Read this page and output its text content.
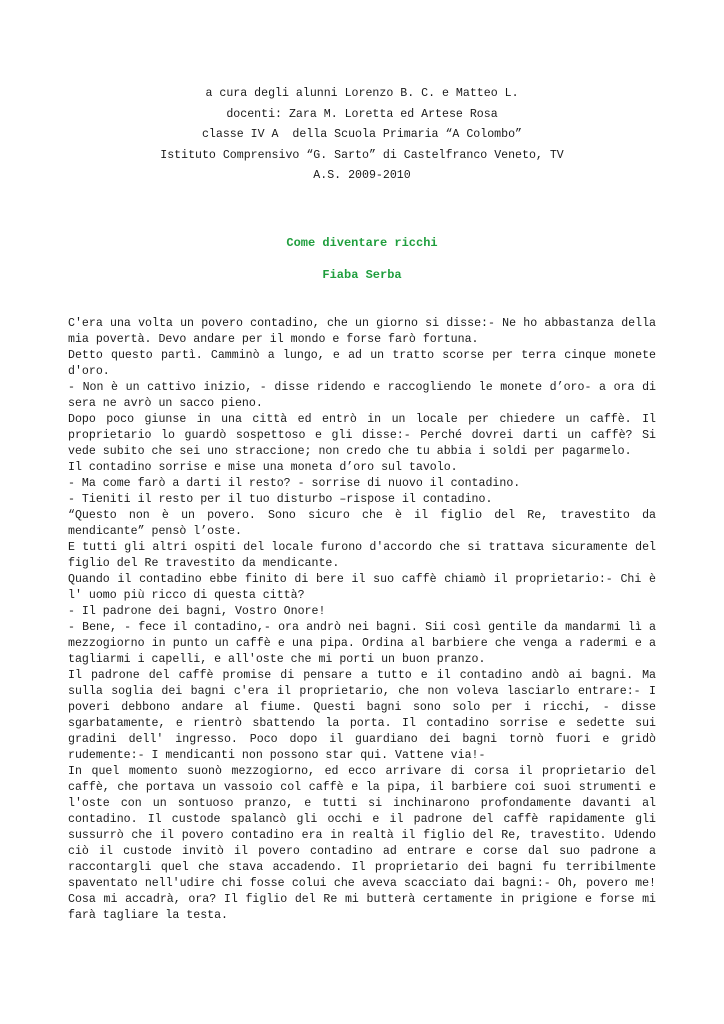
a cura degli alunni Lorenzo B. C. e Matteo L.
docenti: Zara M. Loretta ed Artese Rosa
classe IV A  della Scuola Primaria “A Colombo”
Istituto Comprensivo “G. Sarto” di Castelfranco Veneto, TV
A.S. 2009-2010
Come diventare ricchi
Fiaba Serba

C'era una volta un povero contadino, che un giorno si disse:- Ne ho abbastanza della mia povertà. Devo andare per il mondo e forse farò fortuna.

Detto questo partì. Camminò a lungo, e ad un tratto scorse per terra cinque monete d'oro.

- Non è un cattivo inizio, - disse ridendo e raccogliendo le monete d’oro- a ora di sera ne avrò un sacco pieno.

Dopo poco giunse in una città ed entrò in un locale per chiedere un caffè. Il proprietario lo guardò sospettoso e gli disse:- Perché dovrei darti un caffè? Si vede subito che sei uno straccione; non credo che tu abbia i soldi per pagarmelo.

Il contadino sorrise e mise una moneta d’oro sul tavolo.

- Ma come farò a darti il resto? - sorrise di nuovo il contadino.

- Tieniti il resto per il tuo disturbo –rispose il contadino.

“Questo non è un povero. Sono sicuro che è il figlio del Re, travestito da mendicante” pensò l’oste.

E tutti gli altri ospiti del locale furono d'accordo che si trattava sicuramente del figlio del Re travestito da mendicante.

Quando il contadino ebbe finito di bere il suo caffè chiamò il proprietario:- Chi è l' uomo più ricco di questa città?

- Il padrone dei bagni, Vostro Onore!

- Bene, - fece il contadino,- ora andrò nei bagni. Sii così gentile da mandarmi lì a mezzogiorno in punto un caffè e una pipa. Ordina al barbiere che venga a radermi e a tagliarmi i capelli, e all'oste che mi porti un buon pranzo.

Il padrone del caffè promise di pensare a tutto e il contadino andò ai bagni. Ma sulla soglia dei bagni c'era il proprietario, che non voleva lasciarlo entrare:- I poveri debbono andare al fiume. Questi bagni sono solo per i ricchi, - disse sgarbatamente, e rientrò sbattendo la porta. Il contadino sorrise e sedette sui gradini dell' ingresso. Poco dopo il guardiano dei bagni tornò fuori e gridò rudemente:- I mendicanti non possono star qui. Vattene via!-

In quel momento suonò mezzogiorno, ed ecco arrivare di corsa il proprietario del caffè, che portava un vassoio col caffè e la pipa, il barbiere coi suoi strumenti e l'oste con un sontuoso pranzo, e tutti si inchinarono profondamente davanti al contadino. Il custode spalancò gli occhi e il padrone del caffè rapidamente gli sussurrò che il povero contadino era in realtà il figlio del Re, travestito. Udendo ciò il custode invitò il povero contadino ad entrare e corse dal suo padrone a raccontargli quel che stava accadendo. Il proprietario dei bagni fu terribilmente spaventato nell'udire chi fosse colui che aveva scacciato dai bagni:- Oh, povero me! Cosa mi accadrà, ora? Il figlio del Re mi butterà certamente in prigione e forse mi farà tagliare la testa.
